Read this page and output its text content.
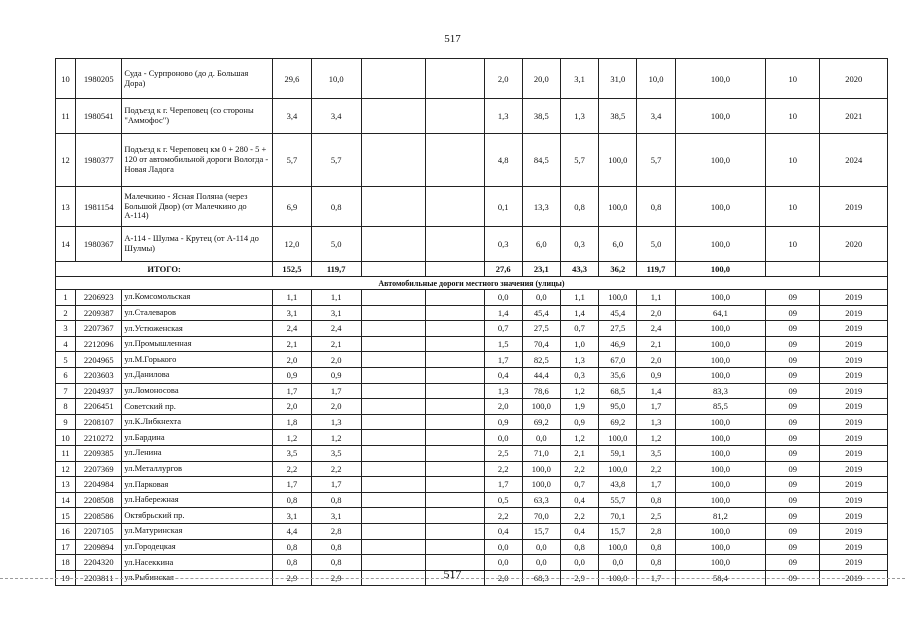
517
10	1980205	Суда - Сурпроново (до д. Большая Дора)	29,6	10,0			2,0	20,0	3,1	31,0	10,0	100,0	10	2020
11	1980541	Подъезд к г. Череповец (со стороны "Аммофос")	3,4	3,4			1,3	38,5	1,3	38,5	3,4	100,0	10	2021
12	1980377	Подъезд к г. Череповец км 0 + 280 - 5 + 120 от автомобильной дороги Вологда - Новая Ладога	5,7	5,7			4,8	84,5	5,7	100,0	5,7	100,0	10	2024
13	1981154	Малечкино - Ясная Поляна (через Большой Двор) (от Малечкино до А-114)	6,9	0,8			0,1	13,3	0,8	100,0	0,8	100,0	10	2019
14	1980367	А-114 - Шулма - Крутец (от А-114 до Шулмы)	12,0	5,0			0,3	6,0	0,3	6,0	5,0	100,0	10	2020
ИТОГО:			152,5	119,7			27,6	23,1	43,3	36,2	119,7	100,0		
Автомобильные дороги местного значения (улицы)														
1	2206923	ул.Комсомольская	1,1	1,1			0,0	0,0	1,1	100,0	1,1	100,0	09	2019
2	2209387	ул.Сталеваров	3,1	3,1			1,4	45,4	1,4	45,4	2,0	64,1	09	2019
3	2207367	ул.Устюженская	2,4	2,4			0,7	27,5	0,7	27,5	2,4	100,0	09	2019
4	2212096	ул.Промышленная	2,1	2,1			1,5	70,4	1,0	46,9	2,1	100,0	09	2019
5	2204965	ул.М.Горького	2,0	2,0			1,7	82,5	1,3	67,0	2,0	100,0	09	2019
6	2203603	ул.Данилова	0,9	0,9			0,4	44,4	0,3	35,6	0,9	100,0	09	2019
7	2204937	ул.Ломоносова	1,7	1,7			1,3	78,6	1,2	68,5	1,4	83,3	09	2019
8	2206451	Советский пр.	2,0	2,0			2,0	100,0	1,9	95,0	1,7	85,5	09	2019
9	2208107	ул.К.Либкнехта	1,8	1,3			0,9	69,2	0,9	69,2	1,3	100,0	09	2019
10	2210272	ул.Бардина	1,2	1,2			0,0	0,0	1,2	100,0	1,2	100,0	09	2019
11	2209385	ул.Ленина	3,5	3,5			2,5	71,0	2,1	59,1	3,5	100,0	09	2019
12	2207369	ул.Металлургов	2,2	2,2			2,2	100,0	2,2	100,0	2,2	100,0	09	2019
13	2204984	ул.Парковая	1,7	1,7			1,7	100,0	0,7	43,8	1,7	100,0	09	2019
14	2208508	ул.Набережная	0,8	0,8			0,5	63,3	0,4	55,7	0,8	100,0	09	2019
15	2208586	Октябрьский пр.	3,1	3,1			2,2	70,0	2,2	70,1	2,5	81,2	09	2019
16	2207105	ул.Матуринская	4,4	2,8			0,4	15,7	0,4	15,7	2,8	100,0	09	2019
17	2209894	ул.Городецкая	0,8	0,8			0,0	0,0	0,8	100,0	0,8	100,0	09	2019
18	2204320	ул.Насеккина	0,8	0,8			0,0	0,0	0,0	0,0	0,8	100,0	09	2019
19	2203811	ул.Рыбинская	2,9	2,9			2,0	68,3	2,9	100,0	1,7	58,4	09	2019
517
